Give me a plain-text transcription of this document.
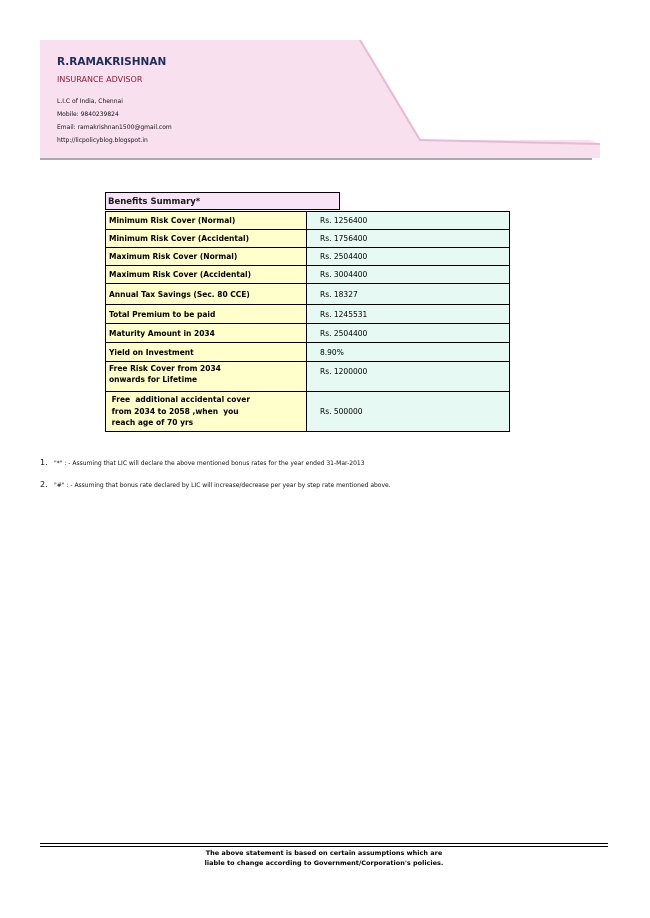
R.RAMAKRISHNAN
INSURANCE ADVISOR
L.I.C of India, Chennai
Mobile: 9840239824
Email: ramakrishnan1500@gmail.com
http://licpolicyblog.blogspot.in
Benefits Summary*
Minimum Risk Cover (Normal)	Rs. 1256400
Minimum Risk Cover (Accidental)	Rs. 1756400
Maximum Risk Cover (Normal)	Rs. 2504400
Maximum Risk Cover (Accidental)	Rs. 3004400
Annual Tax Savings (Sec. 80 CCE)	Rs. 18327
Total Premium to be paid	Rs. 1245531
Maturity Amount in 2034	Rs. 2504400
Yield on Investment	8.90%
Free Risk Cover from 2034
onwards for Lifetime	Rs. 1200000
Free  additional accidental cover
from 2034 to 2058 ,when  you
reach age of 70 yrs	Rs. 500000
1. "*" : - Assuming that LIC will declare the above mentioned bonus rates for the year ended 31-Mar-2013
2. "#" : - Assuming that bonus rate declared by LIC will increase/decrease per year by step rate mentioned above.
The above statement is based on certain assumptions which are
liable to change according to Government/Corporation's policies.
